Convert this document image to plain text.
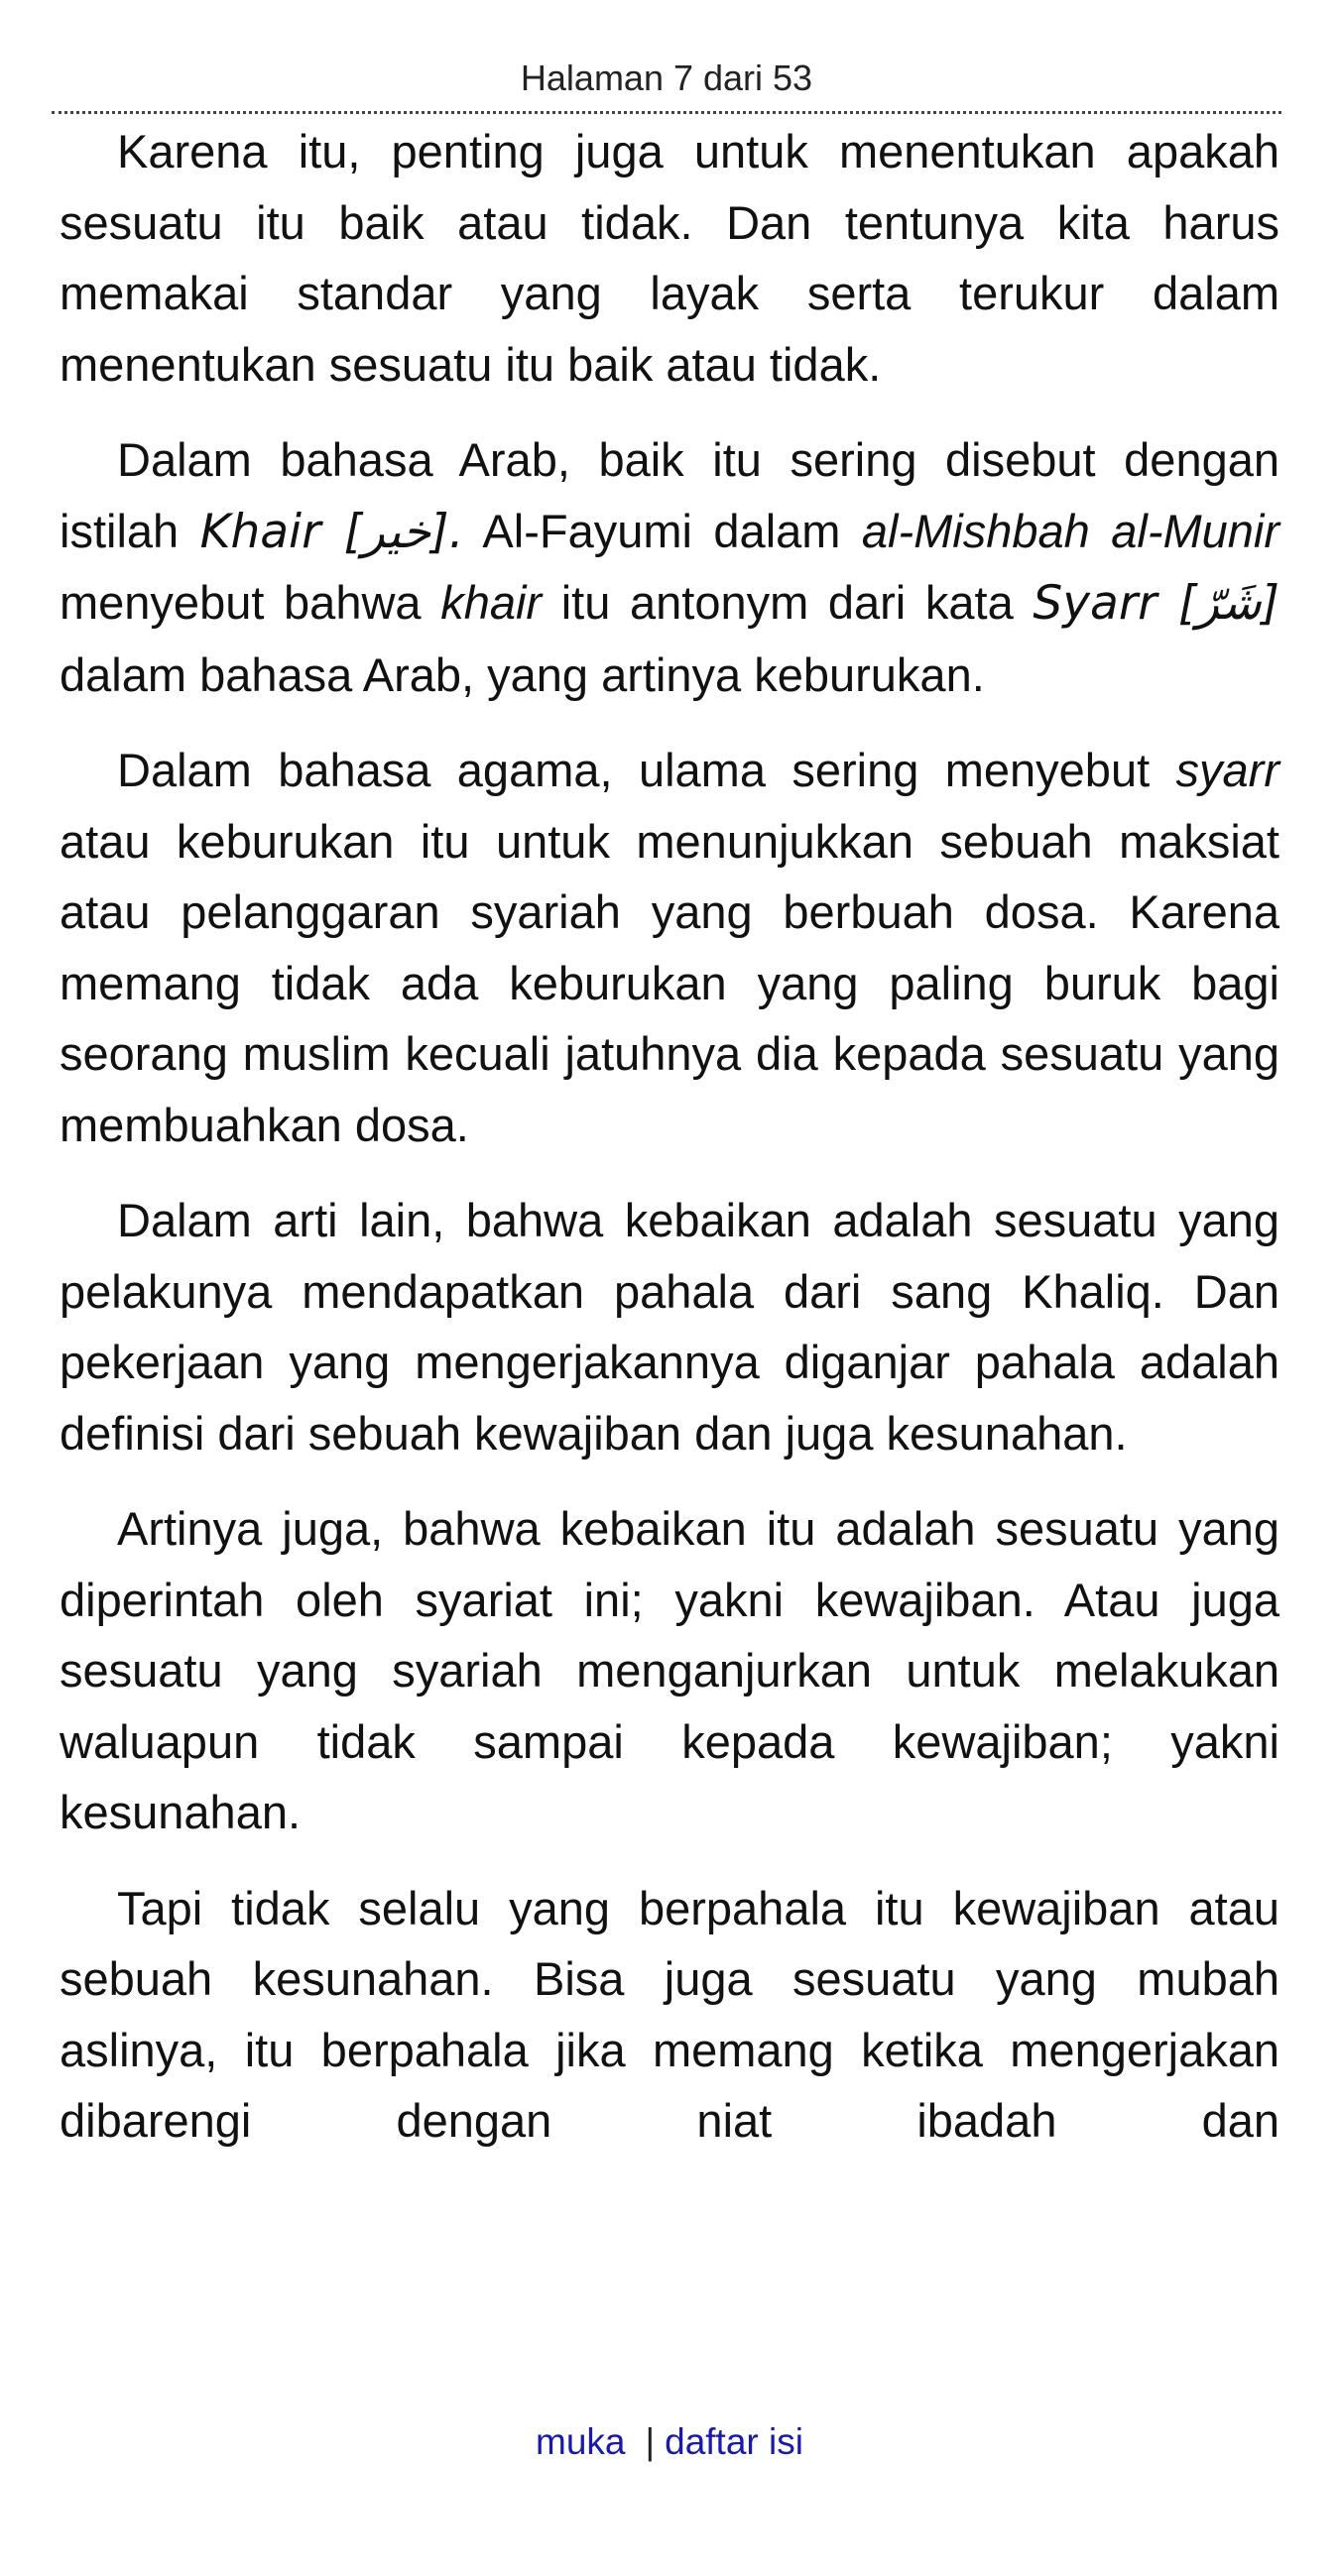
Halaman 7 dari 53

Karena itu, penting juga untuk menentukan apakah sesuatu itu baik atau tidak. Dan tentunya kita harus memakai standar yang layak serta terukur dalam menentukan sesuatu itu baik atau tidak.

Dalam bahasa Arab, baik itu sering disebut dengan istilah Khair [خير]. Al-Fayumi dalam al-Mishbah al-Munir menyebut bahwa khair itu antonym dari kata Syarr [شَرّ] dalam bahasa Arab, yang artinya keburukan.

Dalam bahasa agama, ulama sering menyebut syarr atau keburukan itu untuk menunjukkan sebuah maksiat atau pelanggaran syariah yang berbuah dosa. Karena memang tidak ada keburukan yang paling buruk bagi seorang muslim kecuali jatuhnya dia kepada sesuatu yang membuahkan dosa.

Dalam arti lain, bahwa kebaikan adalah sesuatu yang pelakunya mendapatkan pahala dari sang Khaliq. Dan pekerjaan yang mengerjakannya diganjar pahala adalah definisi dari sebuah kewajiban dan juga kesunahan.

Artinya juga, bahwa kebaikan itu adalah sesuatu yang diperintah oleh syariat ini; yakni kewajiban. Atau juga sesuatu yang syariah menganjurkan untuk melakukan waluapun tidak sampai kepada kewajiban; yakni kesunahan.

Tapi tidak selalu yang berpahala itu kewajiban atau sebuah kesunahan. Bisa juga sesuatu yang mubah aslinya, itu berpahala jika memang ketika mengerjakan dibarengi dengan niat ibadah dan

muka | daftar isi
